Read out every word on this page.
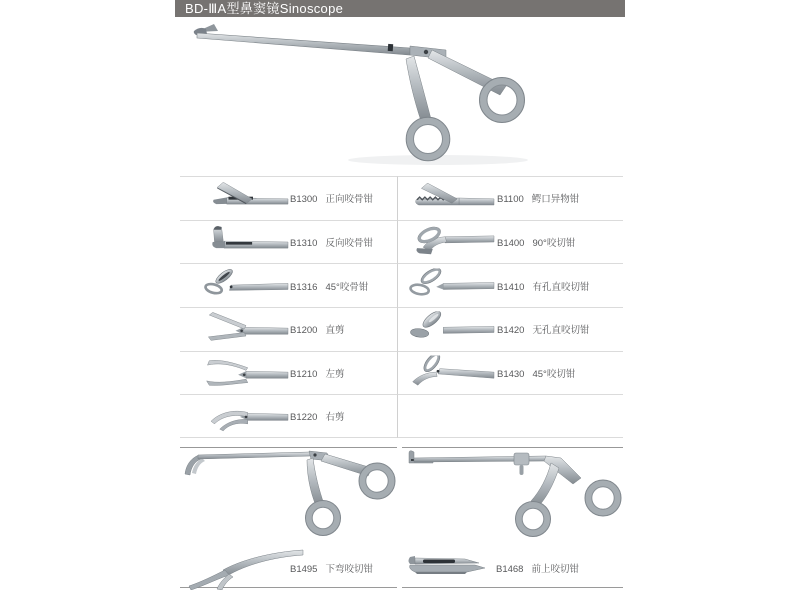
BD-ⅢA型鼻窦镜Sinoscope
B1300 正向咬骨钳	B1100 鳄口异物钳
B1310 反向咬骨钳	B1400 90°咬切钳
B1316 45°咬骨钳	B1410 有孔直咬切钳
B1200 直剪	B1420 无孔直咬切钳
B1210 左剪	B1430 45°咬切钳
B1220 右剪
B1495 下弯咬切钳	B1468 前上咬切钳
